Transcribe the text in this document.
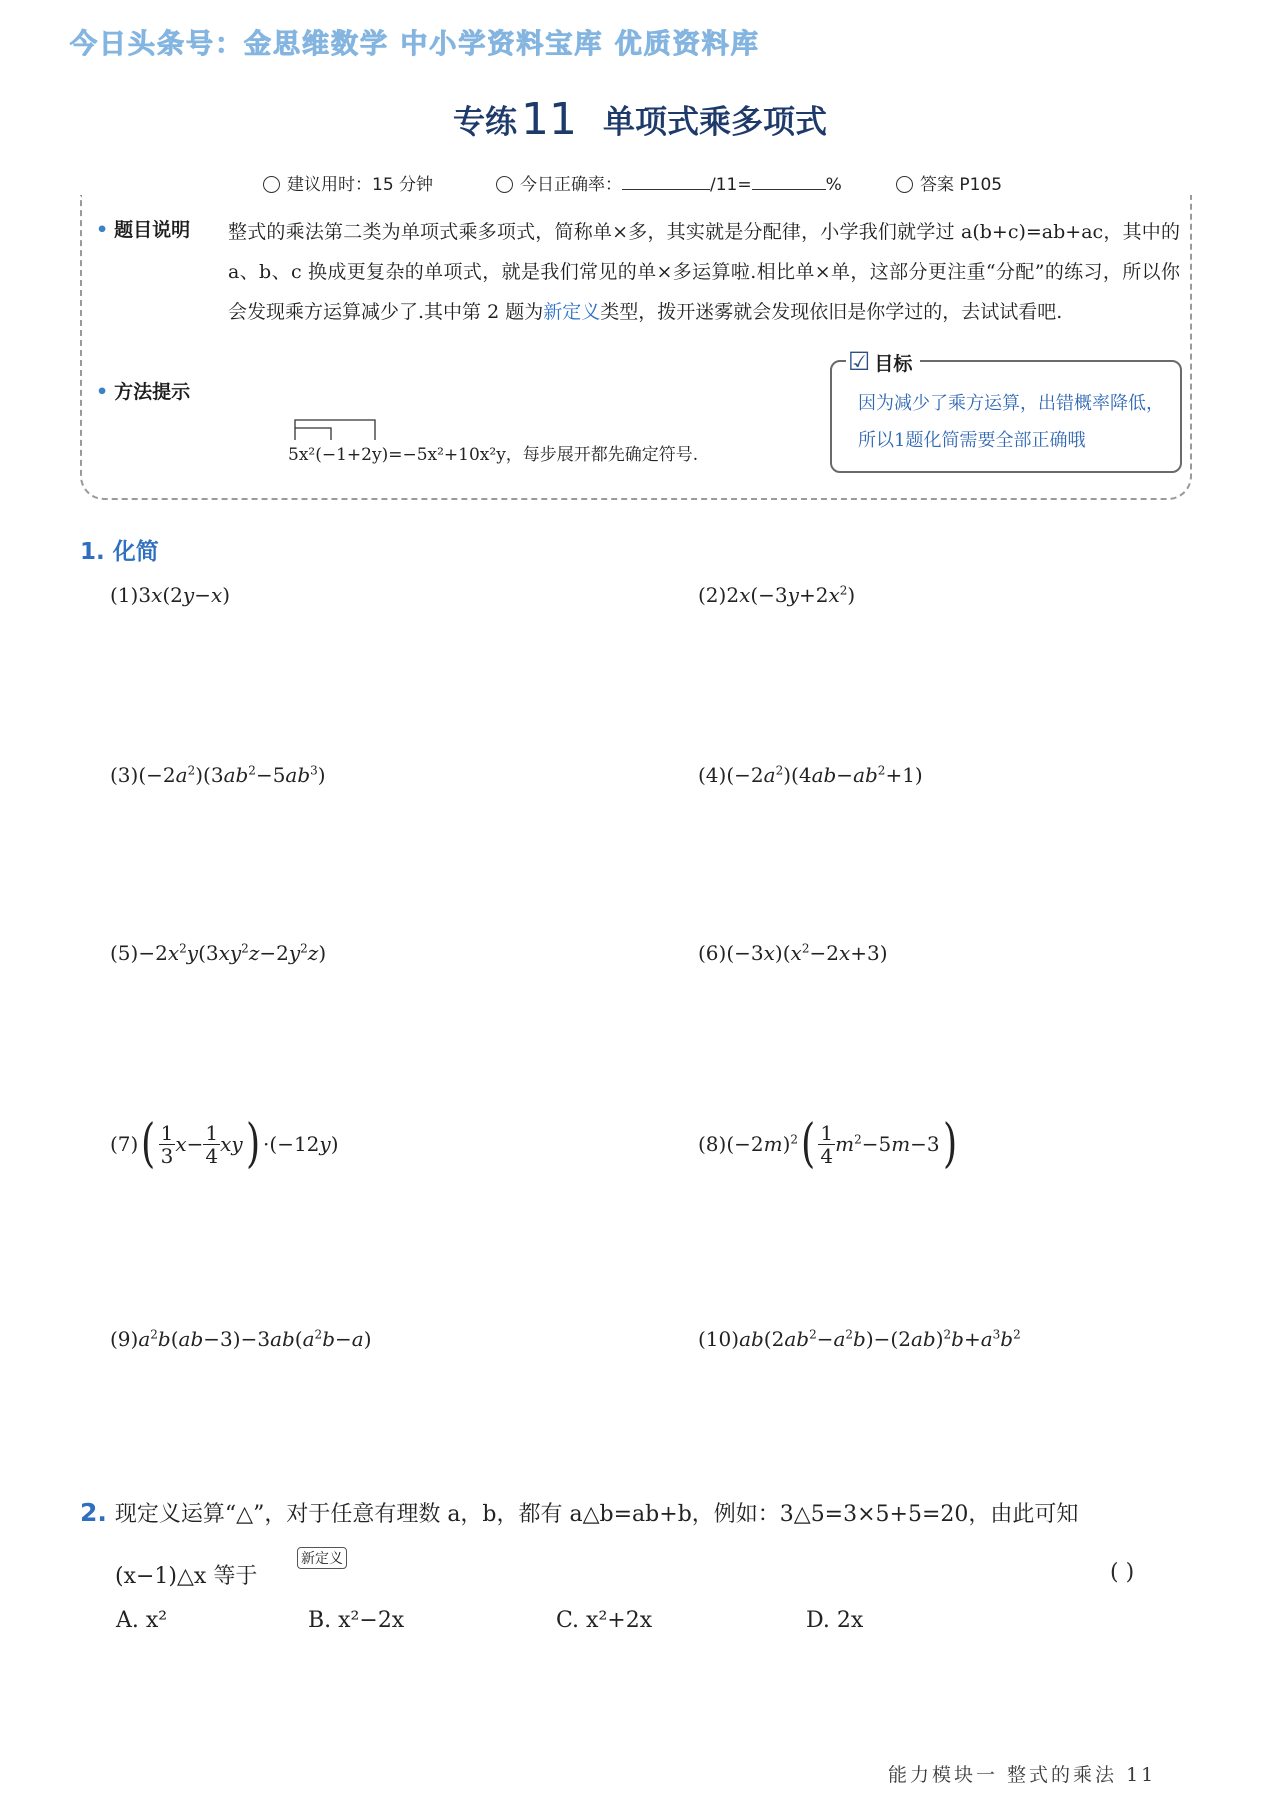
今日头条号：金思维数学 中小学资料宝库 优质资料库
专练11 单项式乘多项式
建议用时：15 分钟	今日正确率：	/11=	%	答案 P105
• 题目说明 整式的乘法第二类为单项式乘多项式，简称单×多，其实就是分配律，小学我们就学过 a(b+c)=ab+ac，其中的 a、b、c 换成更复杂的单项式，就是我们常见的单×多运算啦.相比单×单，这部分更注重“分配”的练习，所以你会发现乘方运算减少了.其中第 2 题为新定义类型，拨开迷雾就会发现依旧是你学过的，去试试看吧.
• 方法提示
5x²(−1+2y)=−5x²+10x²y，每步展开都先确定符号.
☑ 目标
因为减少了乘方运算，出错概率降低，所以1题化简需要全部正确哦
1. 化简
(1)3x(2y−x)	$(2)2x(-3y+2x^2)$
$(3)(-2a^2)(3ab^2-5ab^3)$	$(4)(-2a^2)(4ab-ab^2+1)$
$(5)-2x^2y(3xy^2z-2y^2z)$	$(6)(-3x)(x^2-2x+3)$
$(7)( \frac{1}{3} x- \frac{1}{4} xy) \cdot(-12y)$	$(8)(-2m)^2( \frac{1}{4} m^2-5m-3)$
$(9)a^2b(ab-3)-3ab(a^2b-a)$	$(10)ab(2ab^2-a^2b)-(2ab)^2b+a^3b^2$
2. 现定义运算“△”，对于任意有理数 a，b，都有 a△b=ab+b，例如：3△5=3×5+5=20，由此可知
(x−1)△x 等于
新定义
( )
A. x²	B. x²−2x	C. x²+2x	D. 2x
能力模块一 整式的乘法 11
